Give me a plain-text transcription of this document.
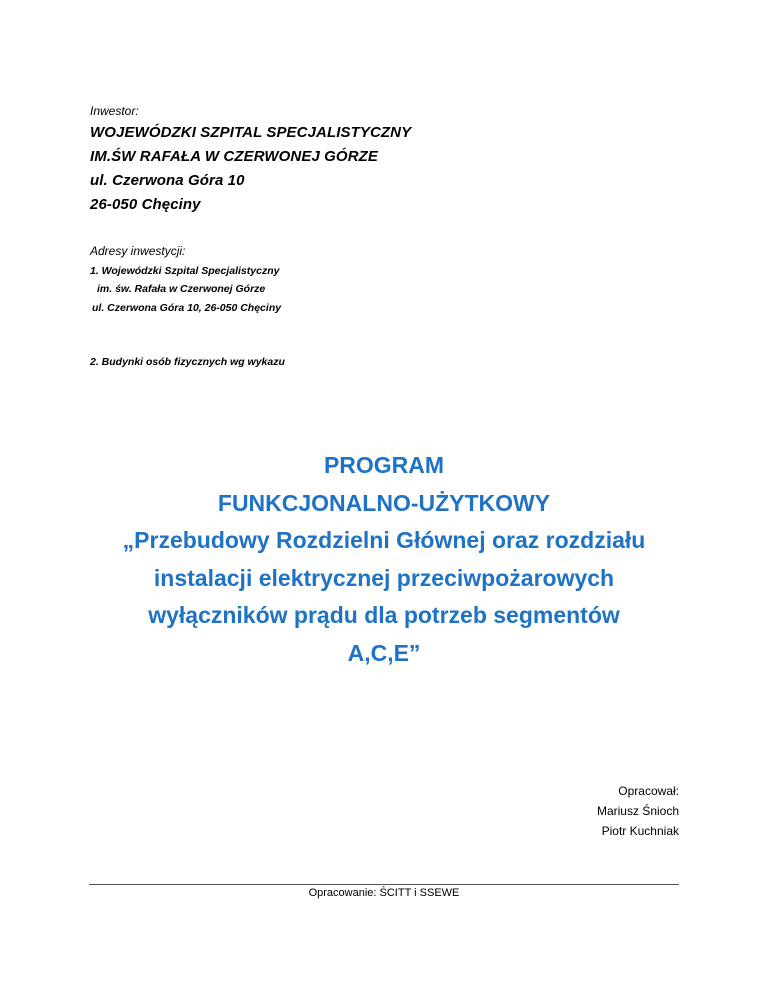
Inwestor:
WOJEWÓDZKI SZPITAL SPECJALISTYCZNY
IM.ŚW RAFAŁA W CZERWONEJ GÓRZE
ul. Czerwona Góra 10
26-050 Chęciny
Adresy inwestycji:
1. Wojewódzki Szpital Specjalistyczny
im. św. Rafała w Czerwonej Górze
ul. Czerwona Góra 10, 26-050 Chęciny
2. Budynki osób fizycznych wg wykazu
PROGRAM
FUNKCJONALNO-UŻYTKOWY
„Przebudowy Rozdzielni Głównej oraz rozdziału
instalacji elektrycznej przeciwpożarowych
wyłączników prądu dla potrzeb segmentów
A,C,E”
Opracował:
Mariusz Śnioch
Piotr Kuchniak
Opracowanie: ŚCITT i SSEWE
